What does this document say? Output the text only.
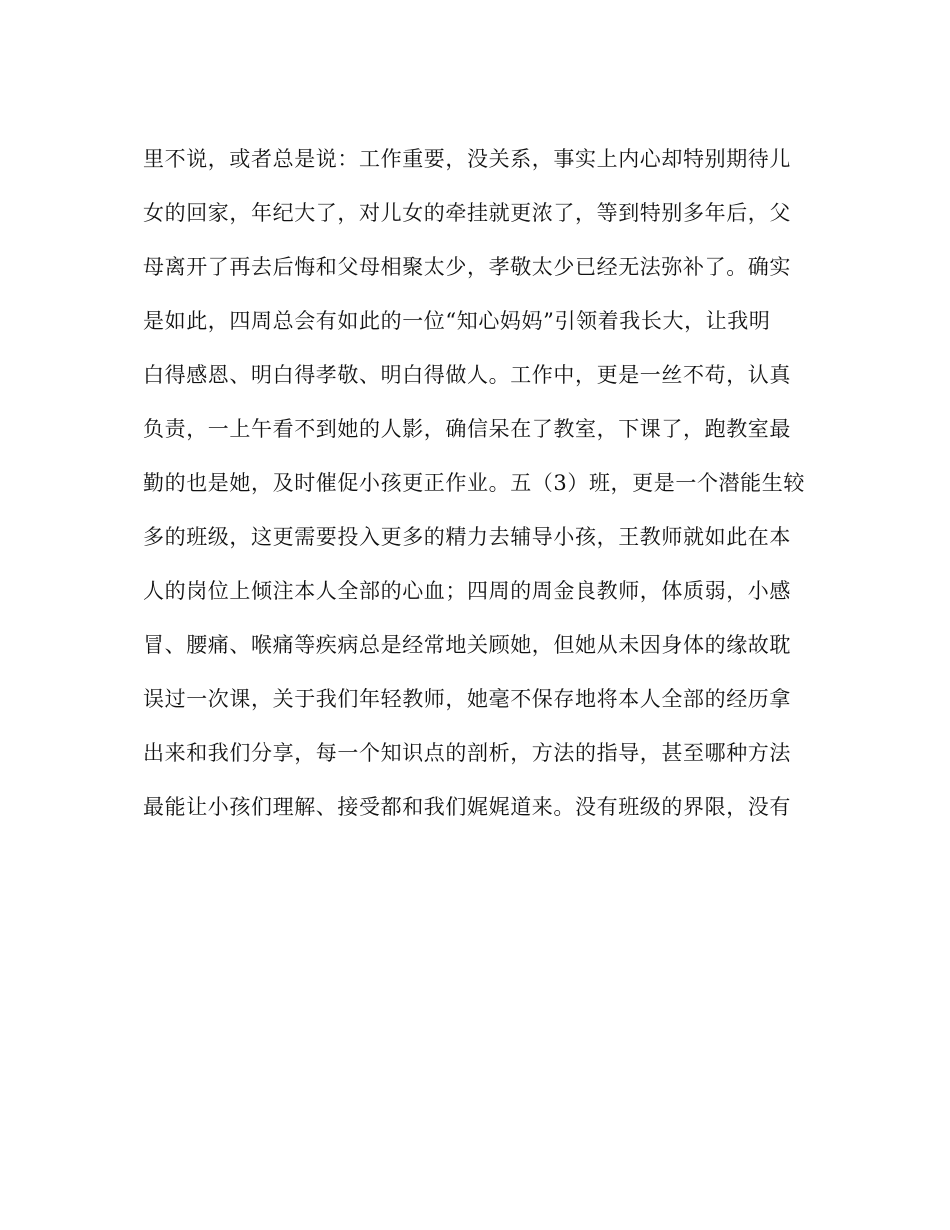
里不说，或者总是说：工作重要，没关系，事实上内心却特别期待儿
女的回家，年纪大了，对儿女的牵挂就更浓了，等到特别多年后，父
母离开了再去后悔和父母相聚太少，孝敬太少已经无法弥补了。确实
是如此，四周总会有如此的一位“知心妈妈”引领着我长大，让我明
白得感恩、明白得孝敬、明白得做人。工作中，更是一丝不苟，认真
负责，一上午看不到她的人影，确信呆在了教室，下课了，跑教室最
勤的也是她，及时催促小孩更正作业。五（3）班，更是一个潜能生较
多的班级，这更需要投入更多的精力去辅导小孩，王教师就如此在本
人的岗位上倾注本人全部的心血；四周的周金良教师，体质弱，小感
冒、腰痛、喉痛等疾病总是经常地关顾她，但她从未因身体的缘故耽
误过一次课，关于我们年轻教师，她毫不保存地将本人全部的经历拿
出来和我们分享，每一个知识点的剖析，方法的指导，甚至哪种方法
最能让小孩们理解、接受都和我们娓娓道来。没有班级的界限，没有
